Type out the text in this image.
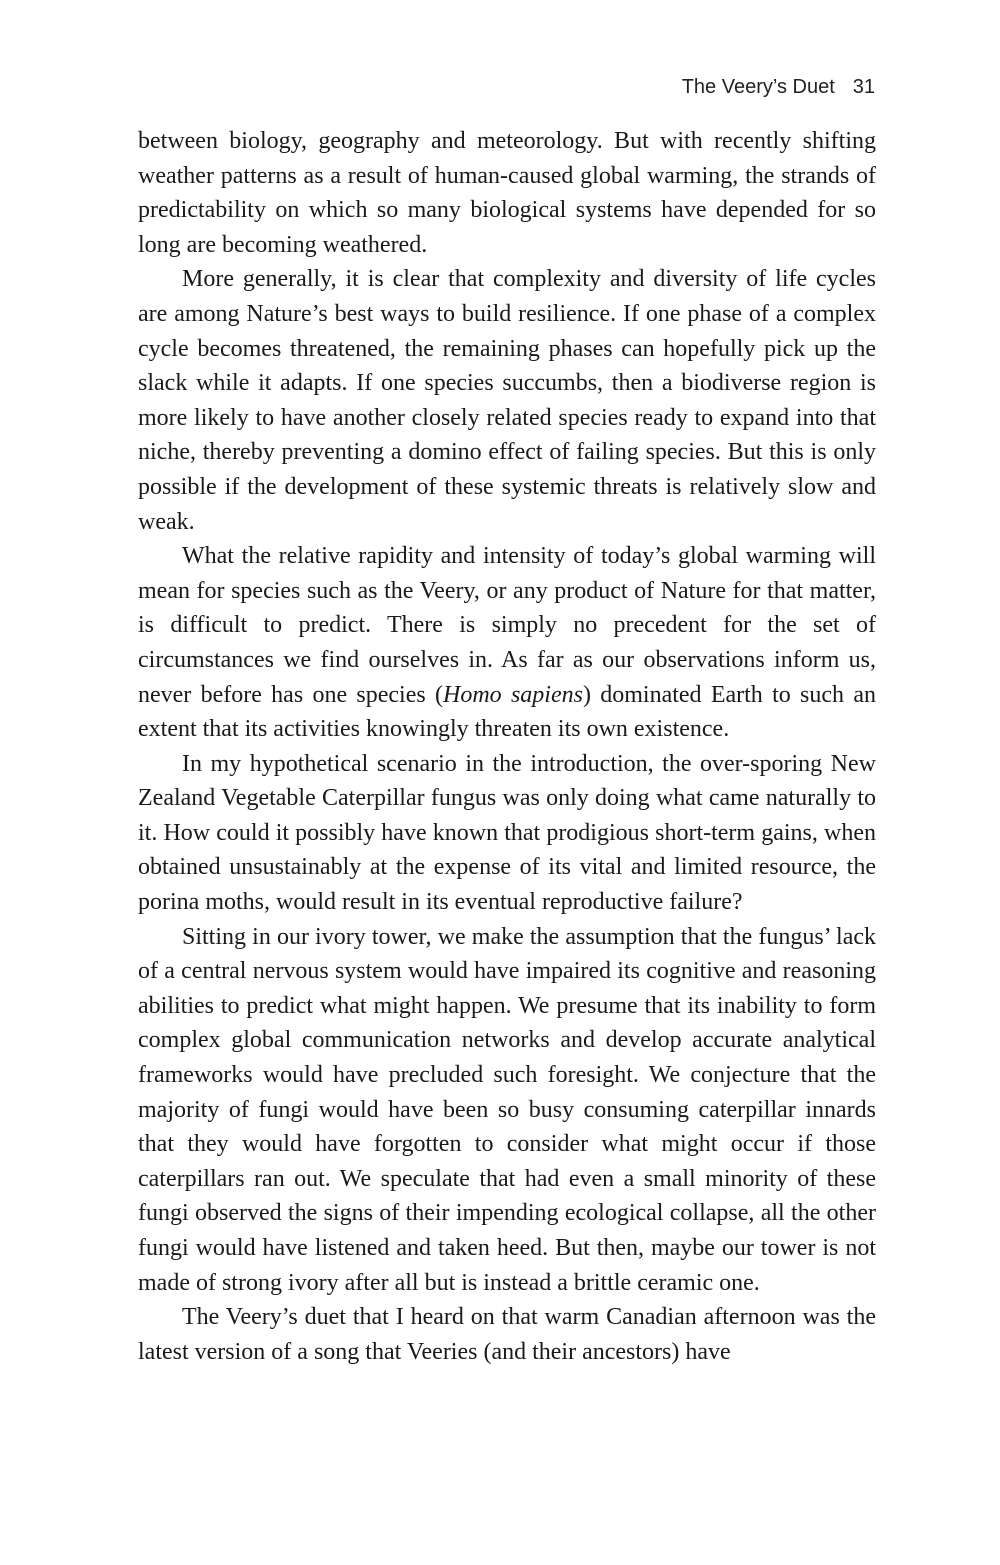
The Veery’s Duet 31

between biology, geography and meteorology. But with recently shifting weather patterns as a result of human-caused global warming, the strands of predictability on which so many biological systems have depended for so long are becoming weathered.

More generally, it is clear that complexity and diversity of life cycles are among Nature’s best ways to build resilience. If one phase of a complex cycle becomes threatened, the remaining phases can hopefully pick up the slack while it adapts. If one species succumbs, then a biodiverse region is more likely to have another closely related species ready to expand into that niche, thereby preventing a domino effect of failing species. But this is only possible if the development of these systemic threats is relatively slow and weak.

What the relative rapidity and intensity of today’s global warming will mean for species such as the Veery, or any product of Nature for that matter, is difficult to predict. There is simply no precedent for the set of circumstances we find ourselves in. As far as our observations inform us, never before has one species (Homo sapiens) dominated Earth to such an extent that its activities knowingly threaten its own existence.

In my hypothetical scenario in the introduction, the over-sporing New Zealand Vegetable Caterpillar fungus was only doing what came naturally to it. How could it possibly have known that prodigious short-term gains, when obtained unsustainably at the expense of its vital and limited resource, the porina moths, would result in its eventual reproductive failure?

Sitting in our ivory tower, we make the assumption that the fungus’ lack of a central nervous system would have impaired its cognitive and reasoning abilities to predict what might happen. We presume that its inability to form complex global communication networks and develop accurate analytical frameworks would have precluded such foresight. We conjecture that the majority of fungi would have been so busy consuming caterpillar innards that they would have forgotten to consider what might occur if those caterpillars ran out. We speculate that had even a small minority of these fungi observed the signs of their impending ecological collapse, all the other fungi would have listened and taken heed. But then, maybe our tower is not made of strong ivory after all but is instead a brittle ceramic one.

The Veery’s duet that I heard on that warm Canadian afternoon was the latest version of a song that Veeries (and their ancestors) have
